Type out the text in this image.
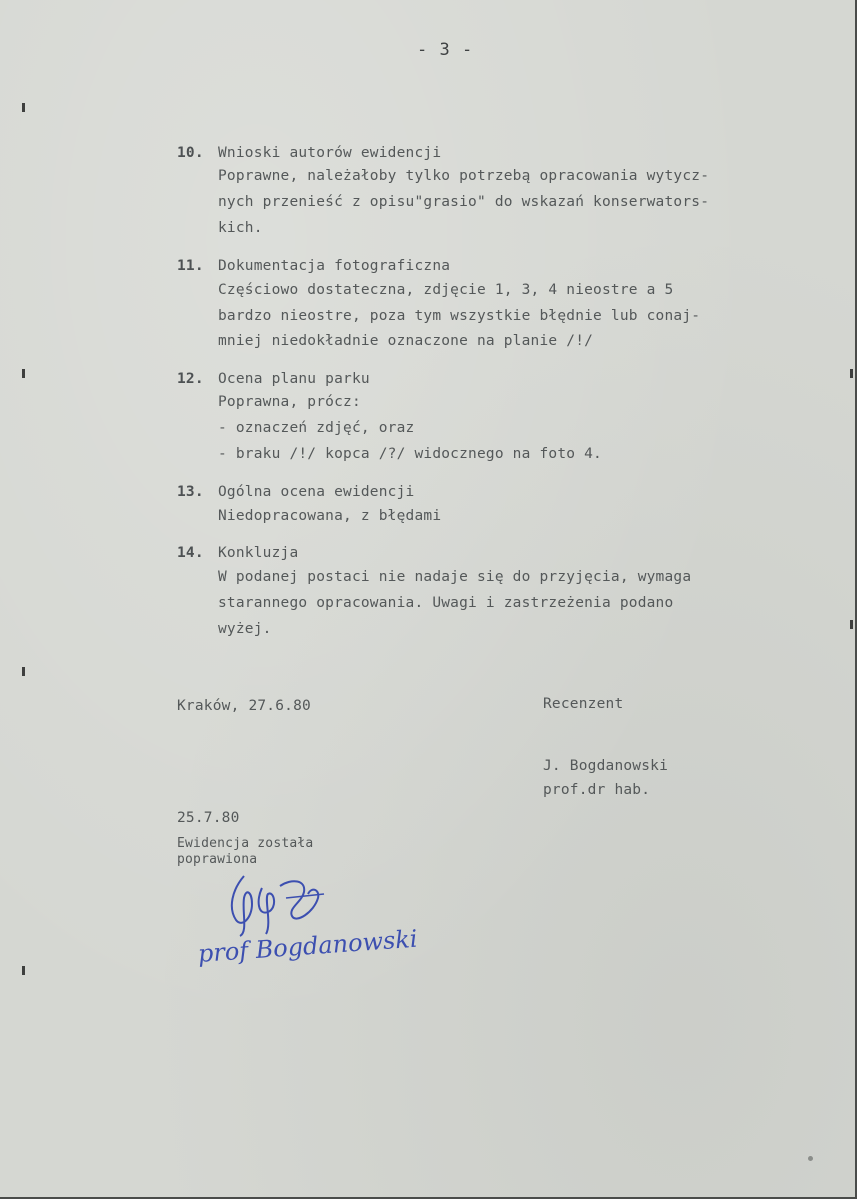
- 3 -
10. Wnioski autorów ewidencji
Poprawne, należałoby tylko potrzebą opracowania wytycz-
nych przenieść z opisu"grasio" do wskazań konserwators-
kich.
11. Dokumentacja fotograficzna
Częściowo dostateczna, zdjęcie 1, 3, 4 nieostre a 5
bardzo nieostre, poza tym wszystkie błędnie lub conaj-
mniej niedokładnie oznaczone na planie /!/
12. Ocena planu parku
Poprawna, prócz:
- oznaczeń zdjęć, oraz
- braku /!/ kopca /?/ widocznego na foto 4.
13. Ogólna ocena ewidencji
Niedopracowana, z błędami
14. Konkluzja
W podanej postaci nie nadaje się do przyjęcia, wymaga
starannego opracowania. Uwagi i zastrzeżenia podano
wyżej.
Kraków, 27.6.80	Recenzent
J. Bogdanowski
prof.dr hab.
25.7.80
Ewidencja została
poprawiona
prof Bogdanowski
